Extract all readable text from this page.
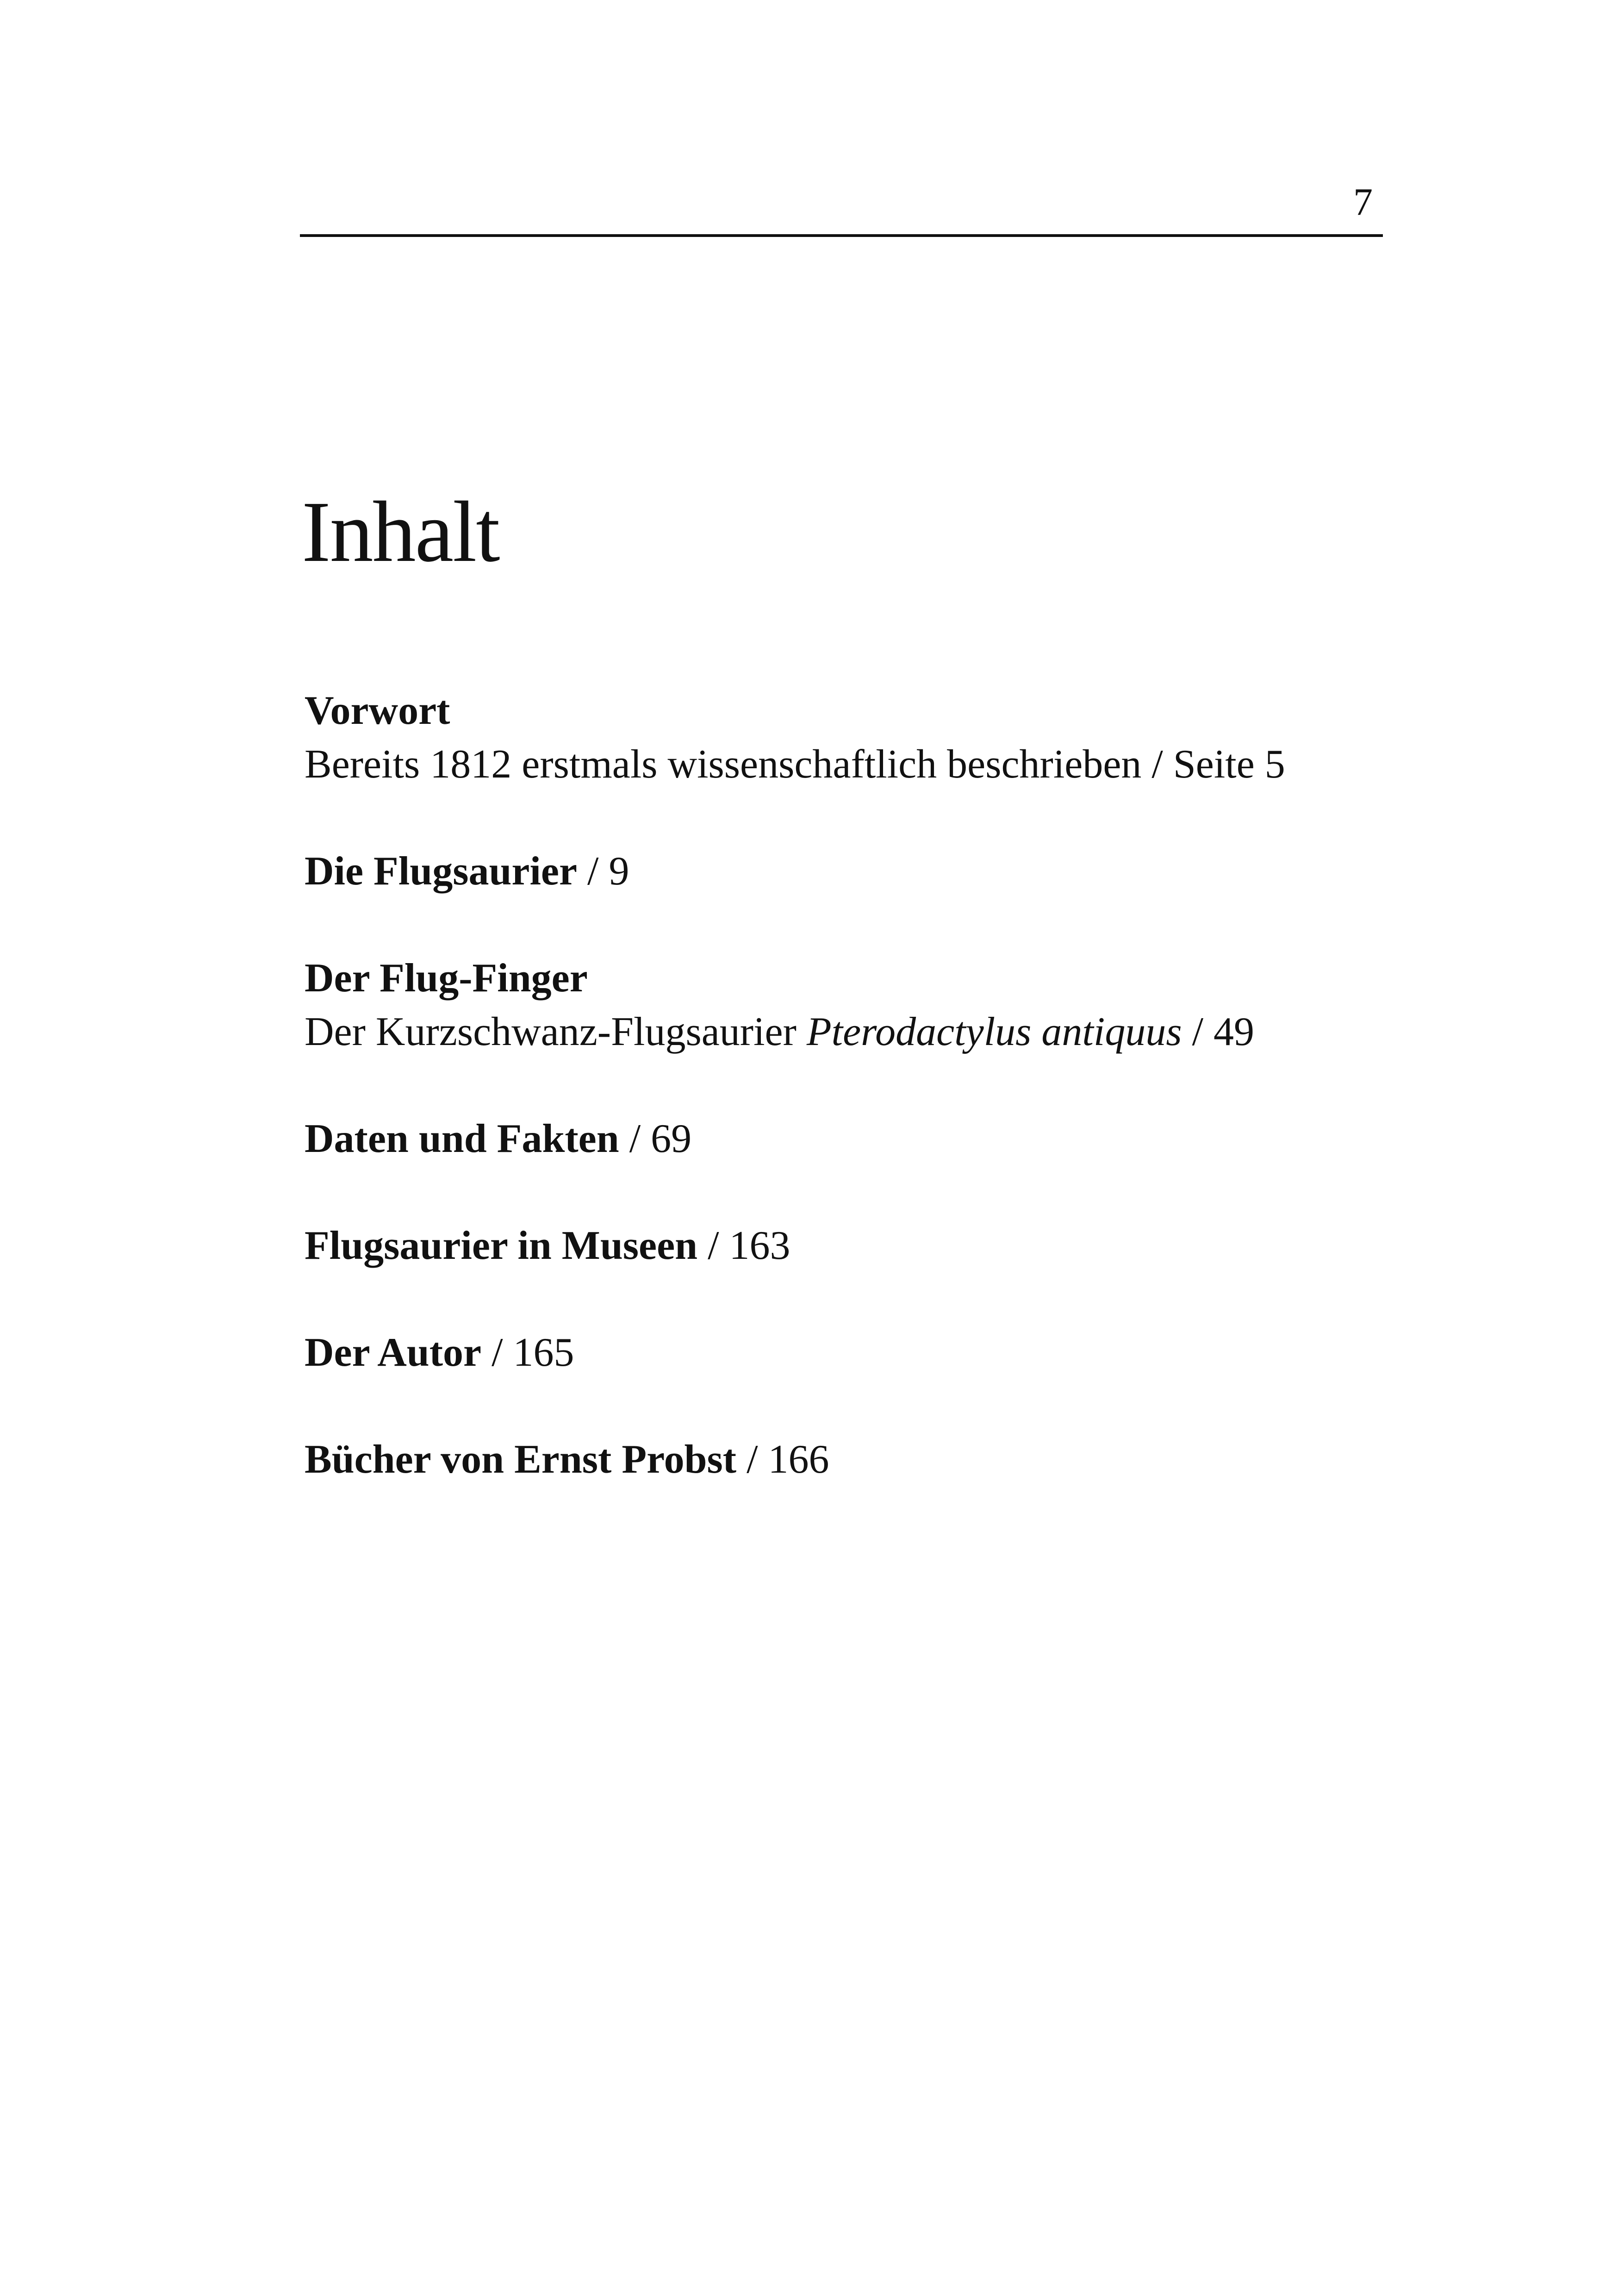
7
Inhalt
Vorwort
Bereits 1812 erstmals wissenschaftlich beschrieben / Seite 5
Die Flugsaurier / 9
Der Flug-Finger
Der Kurzschwanz-Flugsaurier Pterodactylus antiquus / 49
Daten und Fakten / 69
Flugsaurier in Museen / 163
Der Autor / 165
Bücher von Ernst Probst / 166
